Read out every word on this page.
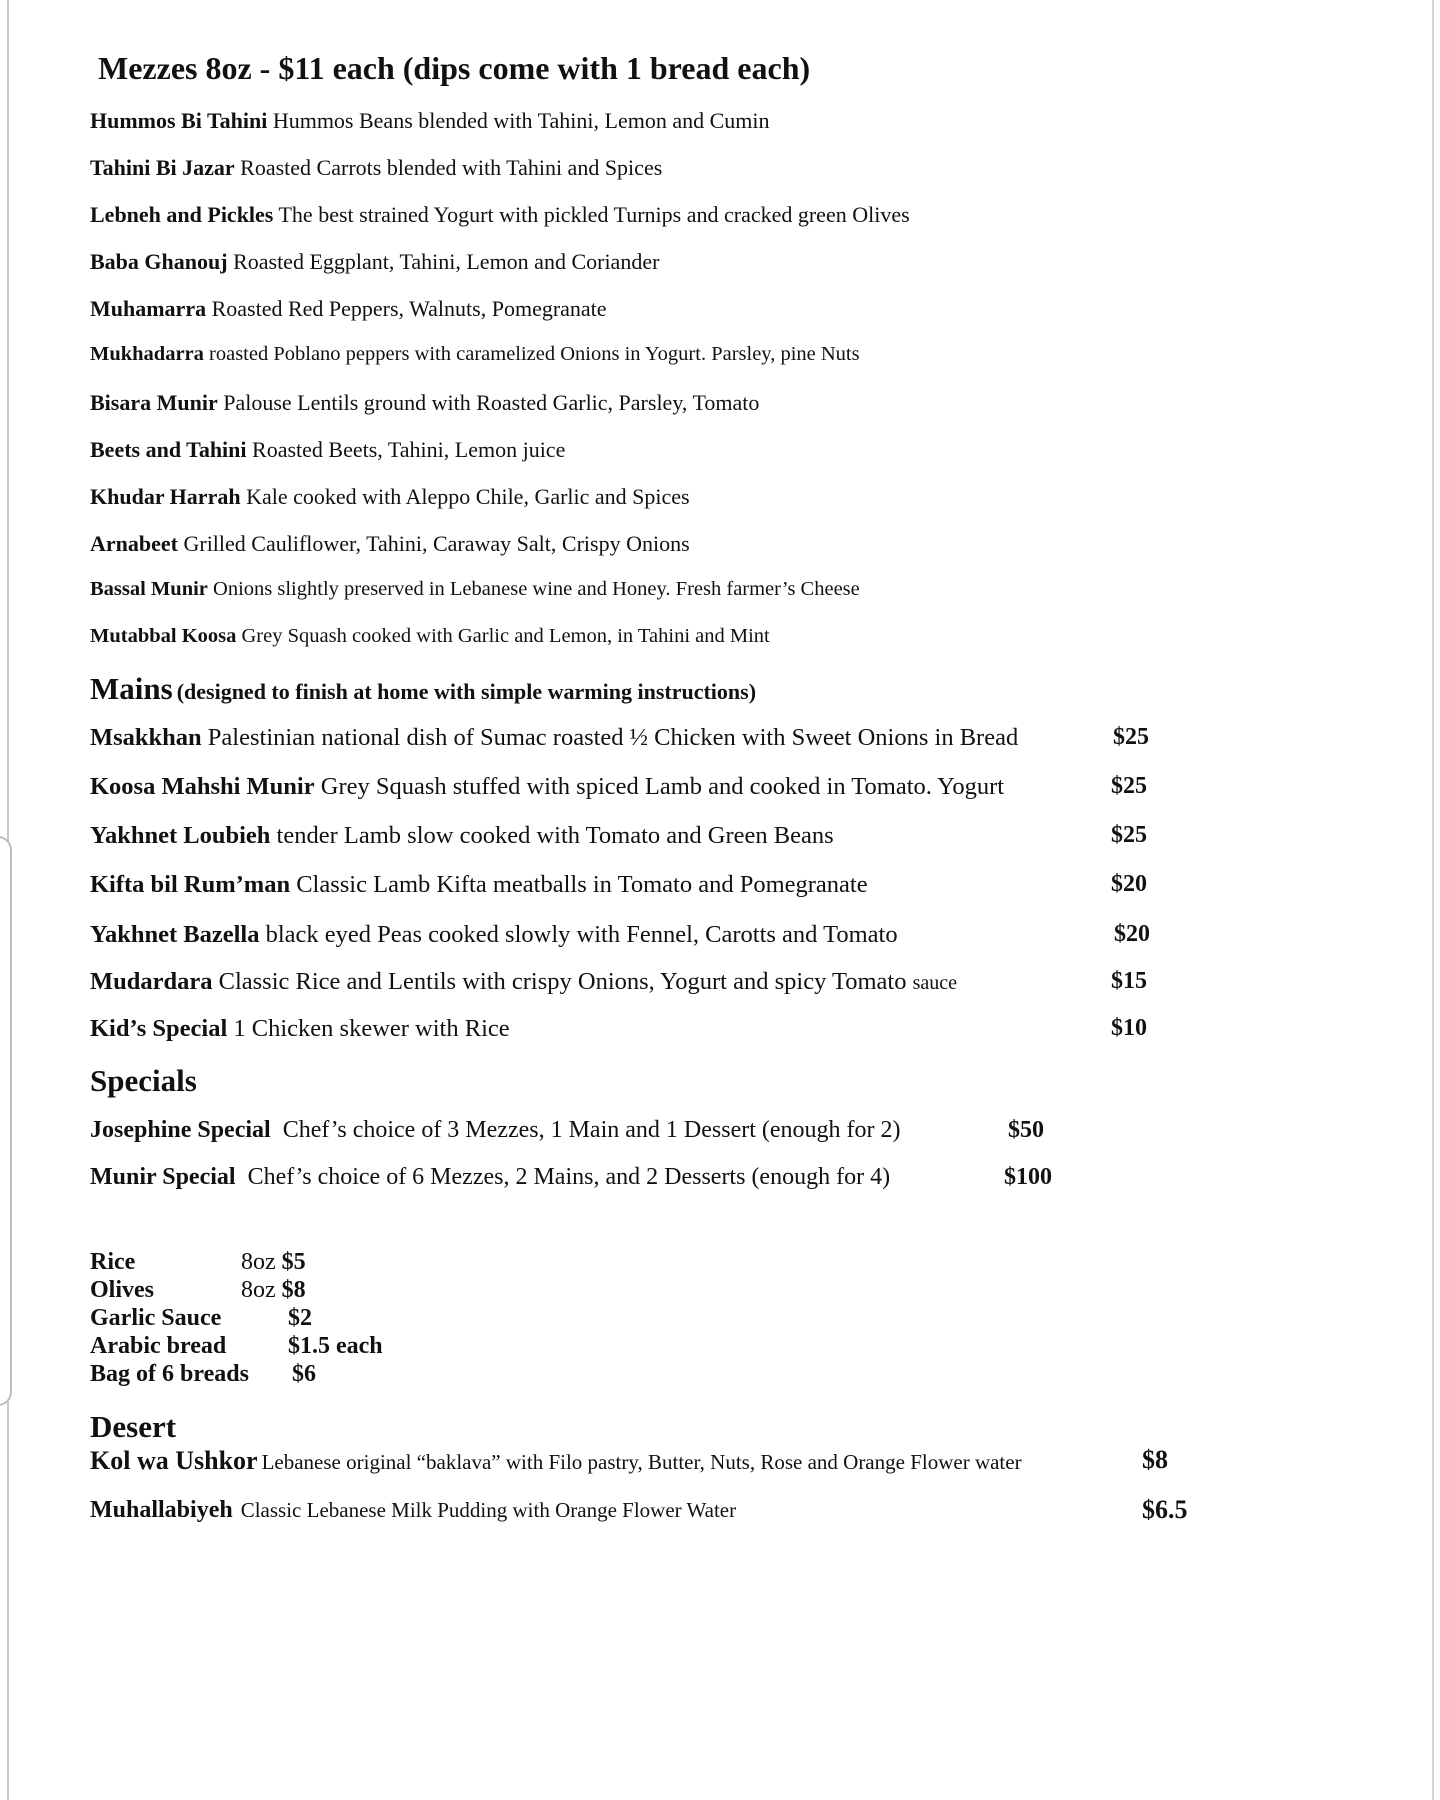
Mezzes 8oz - $11 each (dips come with 1 bread each)
Hummos Bi Tahini Hummos Beans blended with Tahini, Lemon and Cumin
Tahini Bi Jazar Roasted Carrots blended with Tahini and Spices
Lebneh and Pickles The best strained Yogurt with pickled Turnips and cracked green Olives
Baba Ghanouj Roasted Eggplant, Tahini, Lemon and Coriander
Muhamarra Roasted Red Peppers, Walnuts, Pomegranate
Mukhadarra roasted Poblano peppers with caramelized Onions in Yogurt. Parsley, pine Nuts
Bisara Munir Palouse Lentils ground with Roasted Garlic, Parsley, Tomato
Beets and Tahini Roasted Beets, Tahini, Lemon juice
Khudar Harrah Kale cooked with Aleppo Chile, Garlic and Spices
Arnabeet Grilled Cauliflower, Tahini, Caraway Salt, Crispy Onions
Bassal Munir Onions slightly preserved in Lebanese wine and Honey. Fresh farmer’s Cheese
Mutabbal Koosa Grey Squash cooked with Garlic and Lemon, in Tahini and Mint
Mains (designed to finish at home with simple warming instructions)
Msakkhan Palestinian national dish of Sumac roasted ½ Chicken with Sweet Onions in Bread	$25
Koosa Mahshi Munir Grey Squash stuffed with spiced Lamb and cooked in Tomato. Yogurt	$25
Yakhnet Loubieh tender Lamb slow cooked with Tomato and Green Beans	$25
Kifta bil Rum’man Classic Lamb Kifta meatballs in Tomato and Pomegranate	$20
Yakhnet Bazella black eyed Peas cooked slowly with Fennel, Carotts and Tomato	$20
Mudardara Classic Rice and Lentils with crispy Onions, Yogurt and spicy Tomato sauce	$15
Kid’s Special 1 Chicken skewer with Rice	$10
Specials
Josephine Special Chef’s choice of 3 Mezzes, 1 Main and 1 Dessert (enough for 2)	$50
Munir Special Chef’s choice of 6 Mezzes, 2 Mains, and 2 Desserts (enough for 4)	$100
Rice	8oz $5
Olives	8oz $8
Garlic Sauce	$2
Arabic bread	$1.5 each
Bag of 6 breads $6
Desert
Kol wa Ushkor Lebanese original “baklava” with Filo pastry, Butter, Nuts, Rose and Orange Flower water	$8
Muhallabiyeh Classic Lebanese Milk Pudding with Orange Flower Water	$6.5
